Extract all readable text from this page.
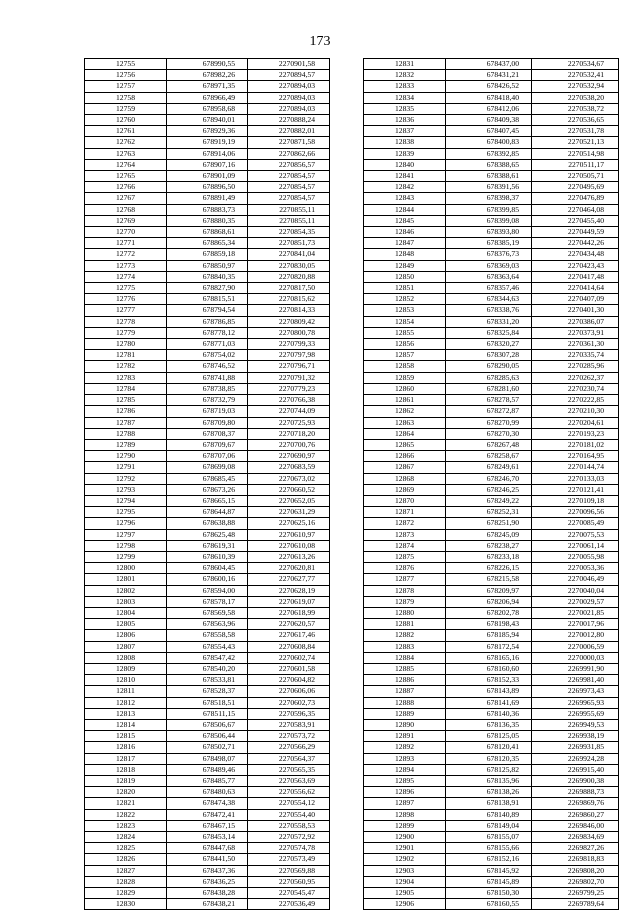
173
12755	678990,55	2270901,58
12756	678982,26	2270894,57
12757	678971,35	2270894,03
12758	678966,49	2270894,03
12759	678958,68	2270894,03
12760	678940,01	2270888,24
12761	678929,36	2270882,01
12762	678919,19	2270871,58
12763	678914,06	2270862,66
12764	678907,16	2270856,57
12765	678901,09	2270854,57
12766	678896,50	2270854,57
12767	678891,49	2270854,57
12768	678883,73	2270855,11
12769	678880,35	2270855,11
12770	678868,61	2270854,35
12771	678865,34	2270851,73
12772	678859,18	2270841,04
12773	678850,97	2270830,05
12774	678840,35	2270820,88
12775	678827,90	2270817,50
12776	678815,51	2270815,62
12777	678794,54	2270814,33
12778	678786,85	2270809,42
12779	678778,12	2270800,78
12780	678771,03	2270799,33
12781	678754,02	2270797,98
12782	678746,52	2270796,71
12783	678741,88	2270791,32
12784	678738,85	2270779,23
12785	678732,79	2270766,38
12786	678719,03	2270744,09
12787	678709,80	2270725,93
12788	678708,37	2270718,20
12789	678709,67	2270700,76
12790	678707,06	2270690,97
12791	678699,08	2270683,59
12792	678685,45	2270673,02
12793	678673,26	2270660,52
12794	678665,15	2270652,05
12795	678644,87	2270631,29
12796	678638,88	2270625,16
12797	678625,48	2270610,97
12798	678619,31	2270610,08
12799	678610,39	2270613,26
12800	678604,45	2270620,81
12801	678600,16	2270627,77
12802	678594,00	2270628,19
12803	678578,17	2270619,07
12804	678569,58	2270618,99
12805	678563,96	2270620,57
12806	678558,58	2270617,46
12807	678554,43	2270608,84
12808	678547,42	2270602,74
12809	678540,20	2270601,58
12810	678533,81	2270604,82
12811	678528,37	2270606,06
12812	678518,51	2270602,73
12813	678511,15	2270596,35
12814	678506,67	2270583,91
12815	678506,44	2270573,72
12816	678502,71	2270566,29
12817	678498,07	2270564,37
12818	678489,46	2270565,35
12819	678485,77	2270563,69
12820	678480,63	2270556,62
12821	678474,38	2270554,12
12822	678472,41	2270554,40
12823	678467,15	2270558,53
12824	678453,14	2270572,92
12825	678447,68	2270574,78
12826	678441,50	2270573,49
12827	678437,36	2270569,88
12828	678436,25	2270560,95
12829	678438,28	2270545,47
12830	678438,21	2270536,49
12831	678437,00	2270534,67
12832	678431,21	2270532,41
12833	678426,52	2270532,94
12834	678418,40	2270538,20
12835	678412,06	2270538,72
12836	678409,38	2270536,65
12837	678407,45	2270531,78
12838	678400,83	2270521,13
12839	678392,85	2270514,98
12840	678388,65	2270511,17
12841	678388,61	2270505,71
12842	678391,56	2270495,69
12843	678398,37	2270476,89
12844	678399,85	2270464,08
12845	678399,08	2270455,40
12846	678393,80	2270449,59
12847	678385,19	2270442,26
12848	678376,73	2270434,48
12849	678369,03	2270423,43
12850	678363,64	2270417,48
12851	678357,46	2270414,64
12852	678344,63	2270407,09
12853	678338,76	2270401,30
12854	678331,20	2270386,07
12855	678325,84	2270373,91
12856	678320,27	2270361,30
12857	678307,28	2270335,74
12858	678290,05	2270285,96
12859	678285,63	2270262,37
12860	678281,60	2270230,74
12861	678278,57	2270222,85
12862	678272,87	2270210,30
12863	678270,99	2270204,61
12864	678270,30	2270193,23
12865	678267,48	2270181,02
12866	678258,67	2270164,95
12867	678249,61	2270144,74
12868	678246,70	2270133,03
12869	678246,25	2270121,41
12870	678249,22	2270109,18
12871	678252,31	2270096,56
12872	678251,90	2270085,49
12873	678245,09	2270075,53
12874	678238,27	2270061,14
12875	678233,18	2270055,98
12876	678226,15	2270053,36
12877	678215,58	2270046,49
12878	678209,97	2270040,04
12879	678206,94	2270029,57
12880	678202,78	2270021,85
12881	678198,43	2270017,96
12882	678185,94	2270012,80
12883	678172,54	2270006,59
12884	678165,16	2270000,03
12885	678160,60	2269991,90
12886	678152,33	2269981,40
12887	678143,89	2269973,43
12888	678141,69	2269965,93
12889	678140,36	2269955,69
12890	678136,35	2269949,53
12891	678125,05	2269938,19
12892	678120,41	2269931,85
12893	678120,35	2269924,28
12894	678125,82	2269915,40
12895	678135,96	2269900,38
12896	678138,26	2269888,73
12897	678138,91	2269869,76
12898	678140,89	2269860,27
12899	678149,04	2269846,00
12900	678155,07	2269834,69
12901	678155,66	2269827,26
12902	678152,16	2269818,83
12903	678145,92	2269808,20
12904	678145,89	2269802,70
12905	678150,30	2269799,25
12906	678160,55	2269789,64
